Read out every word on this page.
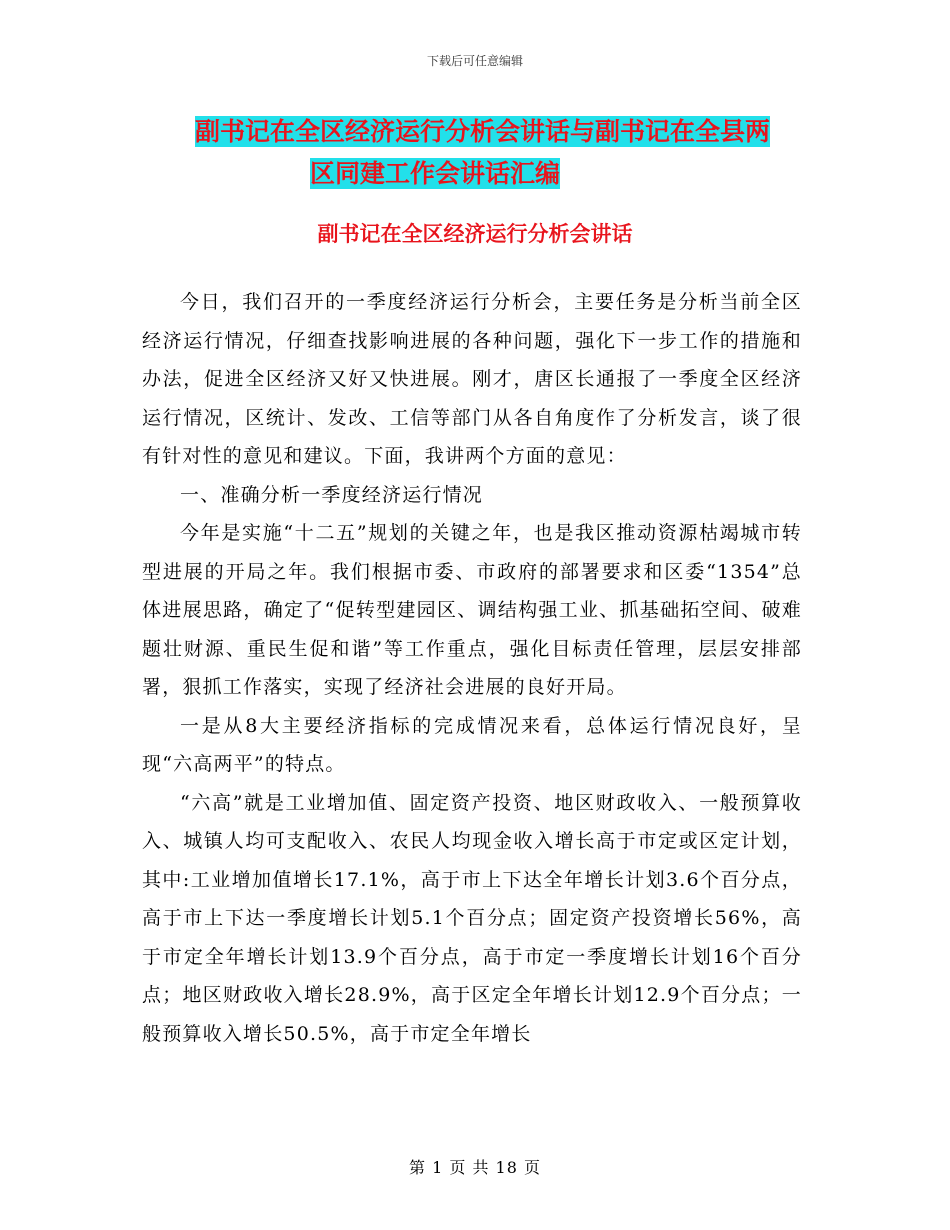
下载后可任意编辑
副书记在全区经济运行分析会讲话与副书记在全县两
区同建工作会讲话汇编
副书记在全区经济运行分析会讲话

今日，我们召开的一季度经济运行分析会，主要任务是分析当前全区经济运行情况，仔细查找影响进展的各种问题，强化下一步工作的措施和办法，促进全区经济又好又快进展。刚才，唐区长通报了一季度全区经济运行情况，区统计、发改、工信等部门从各自角度作了分析发言，谈了很有针对性的意见和建议。下面，我讲两个方面的意见：

一、准确分析一季度经济运行情况

今年是实施“十二五”规划的关键之年，也是我区推动资源枯竭城市转型进展的开局之年。我们根据市委、市政府的部署要求和区委“1354”总体进展思路，确定了“促转型建园区、调结构强工业、抓基础拓空间、破难题壮财源、重民生促和谐”等工作重点，强化目标责任管理，层层安排部署，狠抓工作落实，实现了经济社会进展的良好开局。

一是从8大主要经济指标的完成情况来看，总体运行情况良好，呈现“六高两平”的特点。

“六高”就是工业增加值、固定资产投资、地区财政收入、一般预算收入、城镇人均可支配收入、农民人均现金收入增长高于市定或区定计划，其中:工业增加值增长17.1%，高于市上下达全年增长计划3.6个百分点，高于市上下达一季度增长计划5.1个百分点；固定资产投资增长56%，高于市定全年增长计划13.9个百分点，高于市定一季度增长计划16个百分点；地区财政收入增长28.9%，高于区定全年增长计划12.9个百分点；一般预算收入增长50.5%，高于市定全年增长

第 1 页 共 18 页
